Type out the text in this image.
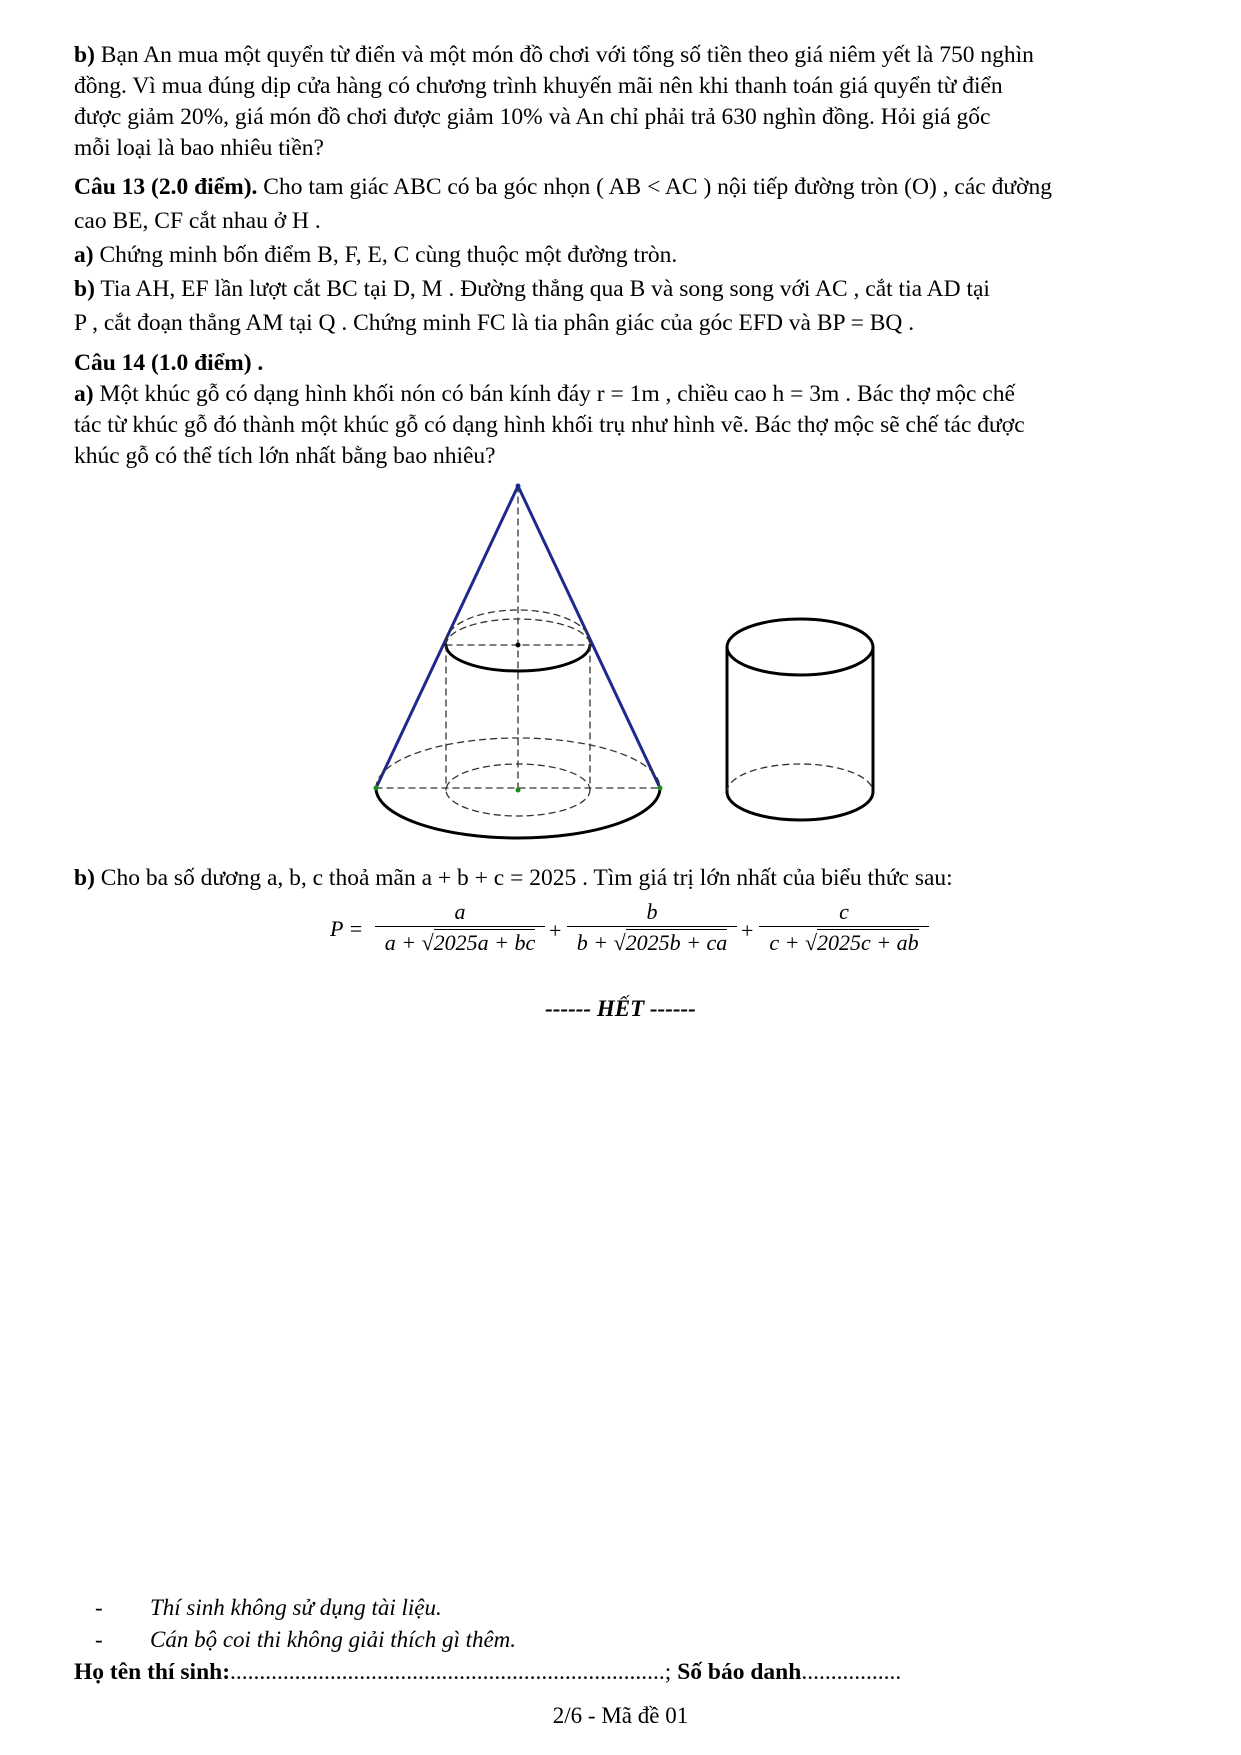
b) Bạn An mua một quyển từ điển và một món đồ chơi với tổng số tiền theo giá niêm yết là 750 nghìn
đồng. Vì mua đúng dịp cửa hàng có chương trình khuyến mãi nên khi thanh toán giá quyển từ điển
được giảm 20%, giá món đồ chơi được giảm 10% và An chỉ phải trả 630 nghìn đồng. Hỏi giá gốc
mỗi loại là bao nhiêu tiền?
Câu 13 (2.0 điểm). Cho tam giác ABC có ba góc nhọn ( AB < AC ) nội tiếp đường tròn (O) , các đường
cao BE, CF cắt nhau ở H .
a) Chứng minh bốn điểm B, F, E, C cùng thuộc một đường tròn.
b) Tia AH, EF lần lượt cắt BC tại D, M . Đường thẳng qua B và song song với AC , cắt tia AD tại
P , cắt đoạn thẳng AM tại Q . Chứng minh FC là tia phân giác của góc EFD và BP = BQ .
Câu 14 (1.0 điểm) .
a) Một khúc gỗ có dạng hình khối nón có bán kính đáy r = 1m , chiều cao h = 3m . Bác thợ mộc chế
tác từ khúc gỗ đó thành một khúc gỗ có dạng hình khối trụ như hình vẽ. Bác thợ mộc sẽ chế tác được
khúc gỗ có thể tích lớn nhất bằng bao nhiêu?
b) Cho ba số dương a, b, c thoả mãn a + b + c = 2025 . Tìm giá trị lớn nhất của biểu thức sau:
$P = \frac{a}{a + √2025a + bc} + \frac{b}{b + √2025b + ca} + \frac{c}{c + √2025c + ab}$
------ HẾT ------
- Thí sinh không sử dụng tài liệu.
- Cán bộ coi thi không giải thích gì thêm.
Họ tên thí sinh:..........................................................................; Số báo danh.................
2/6 - Mã đề 01
